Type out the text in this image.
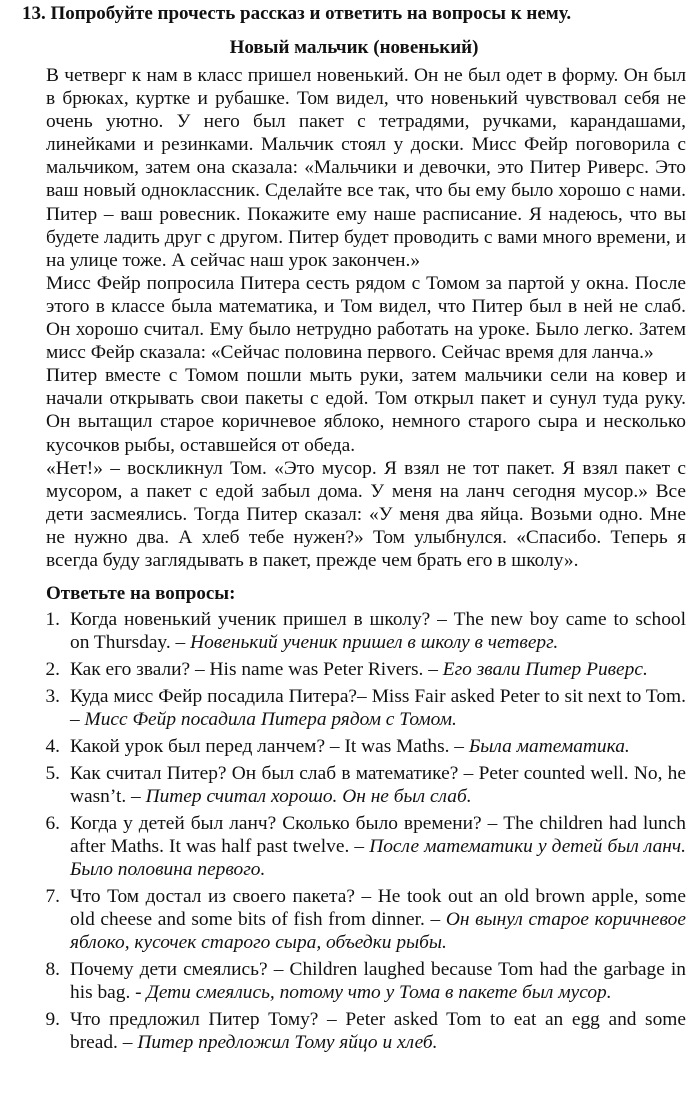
13. Попробуйте прочесть рассказ и ответить на вопросы к нему.
Новый мальчик (новенький)

В четверг к нам в класс пришел новенький. Он не был одет в форму. Он был в брюках, куртке и рубашке. Том видел, что новенький чувствовал себя не очень уютно. У него был пакет с тетрадями, ручками, карандашами, линейками и резинками. Мальчик стоял у доски. Мисс Фейр поговорила с мальчиком, затем она сказала: «Мальчики и девочки, это Питер Риверс. Это ваш новый одноклассник. Сделайте все так, что бы ему было хорошо с нами. Питер – ваш ровесник. Покажите ему наше расписание. Я надеюсь, что вы будете ладить друг с другом. Питер будет проводить с вами много времени, и на улице тоже. А сейчас наш урок закончен.»

Мисс Фейр попросила Питера сесть рядом с Томом за партой у окна. После этого в классе была математика, и Том видел, что Питер был в ней не слаб. Он хорошо считал. Ему было нетрудно работать на уроке. Было легко. Затем мисс Фейр сказала: «Сейчас половина первого. Сейчас время для ланча.»

Питер вместе с Томом пошли мыть руки, затем мальчики сели на ковер и начали открывать свои пакеты с едой. Том открыл пакет и сунул туда руку. Он вытащил старое коричневое яблоко, немного старого сыра и несколько кусочков рыбы, оставшейся от обеда.

«Нет!» – воскликнул Том. «Это мусор. Я взял не тот пакет. Я взял пакет с мусором, а пакет с едой забыл дома. У меня на ланч сегодня мусор.» Все дети засмеялись. Тогда Питер сказал: «У меня два яйца. Возьми одно. Мне не нужно два. А хлеб тебе нужен?» Том улыбнулся. «Спасибо. Теперь я всегда буду заглядывать в пакет, прежде чем брать его в школу».

Ответьте на вопросы:
1. Когда новенький ученик пришел в школу? – The new boy came to school on Thursday. – Новенький ученик пришел в школу в четверг.
2. Как его звали? – His name was Peter Rivers. – Его звали Питер Риверс.
3. Куда мисс Фейр посадила Питера?– Miss Fair asked Peter to sit next to Tom. – Мисс Фейр посадила Питера рядом с Томом.
4. Какой урок был перед ланчем? – It was Maths. – Была математика.
5. Как считал Питер? Он был слаб в математике? – Peter counted well. No, he wasn’t. – Питер считал хорошо. Он не был слаб.
6. Когда у детей был ланч? Сколько было времени? – The children had lunch after Maths. It was half past twelve. – После математики у детей был ланч. Было половина первого.
7. Что Том достал из своего пакета? – He took out an old brown apple, some old cheese and some bits of fish from dinner. – Он вынул старое коричневое яблоко, кусочек старого сыра, объедки рыбы.
8. Почему дети смеялись? – Children laughed because Tom had the garbage in his bag. - Дети смеялись, потому что у Тома в пакете был мусор.
9. Что предложил Питер Тому? – Peter asked Tom to eat an egg and some bread. – Питер предложил Тому яйцо и хлеб.
